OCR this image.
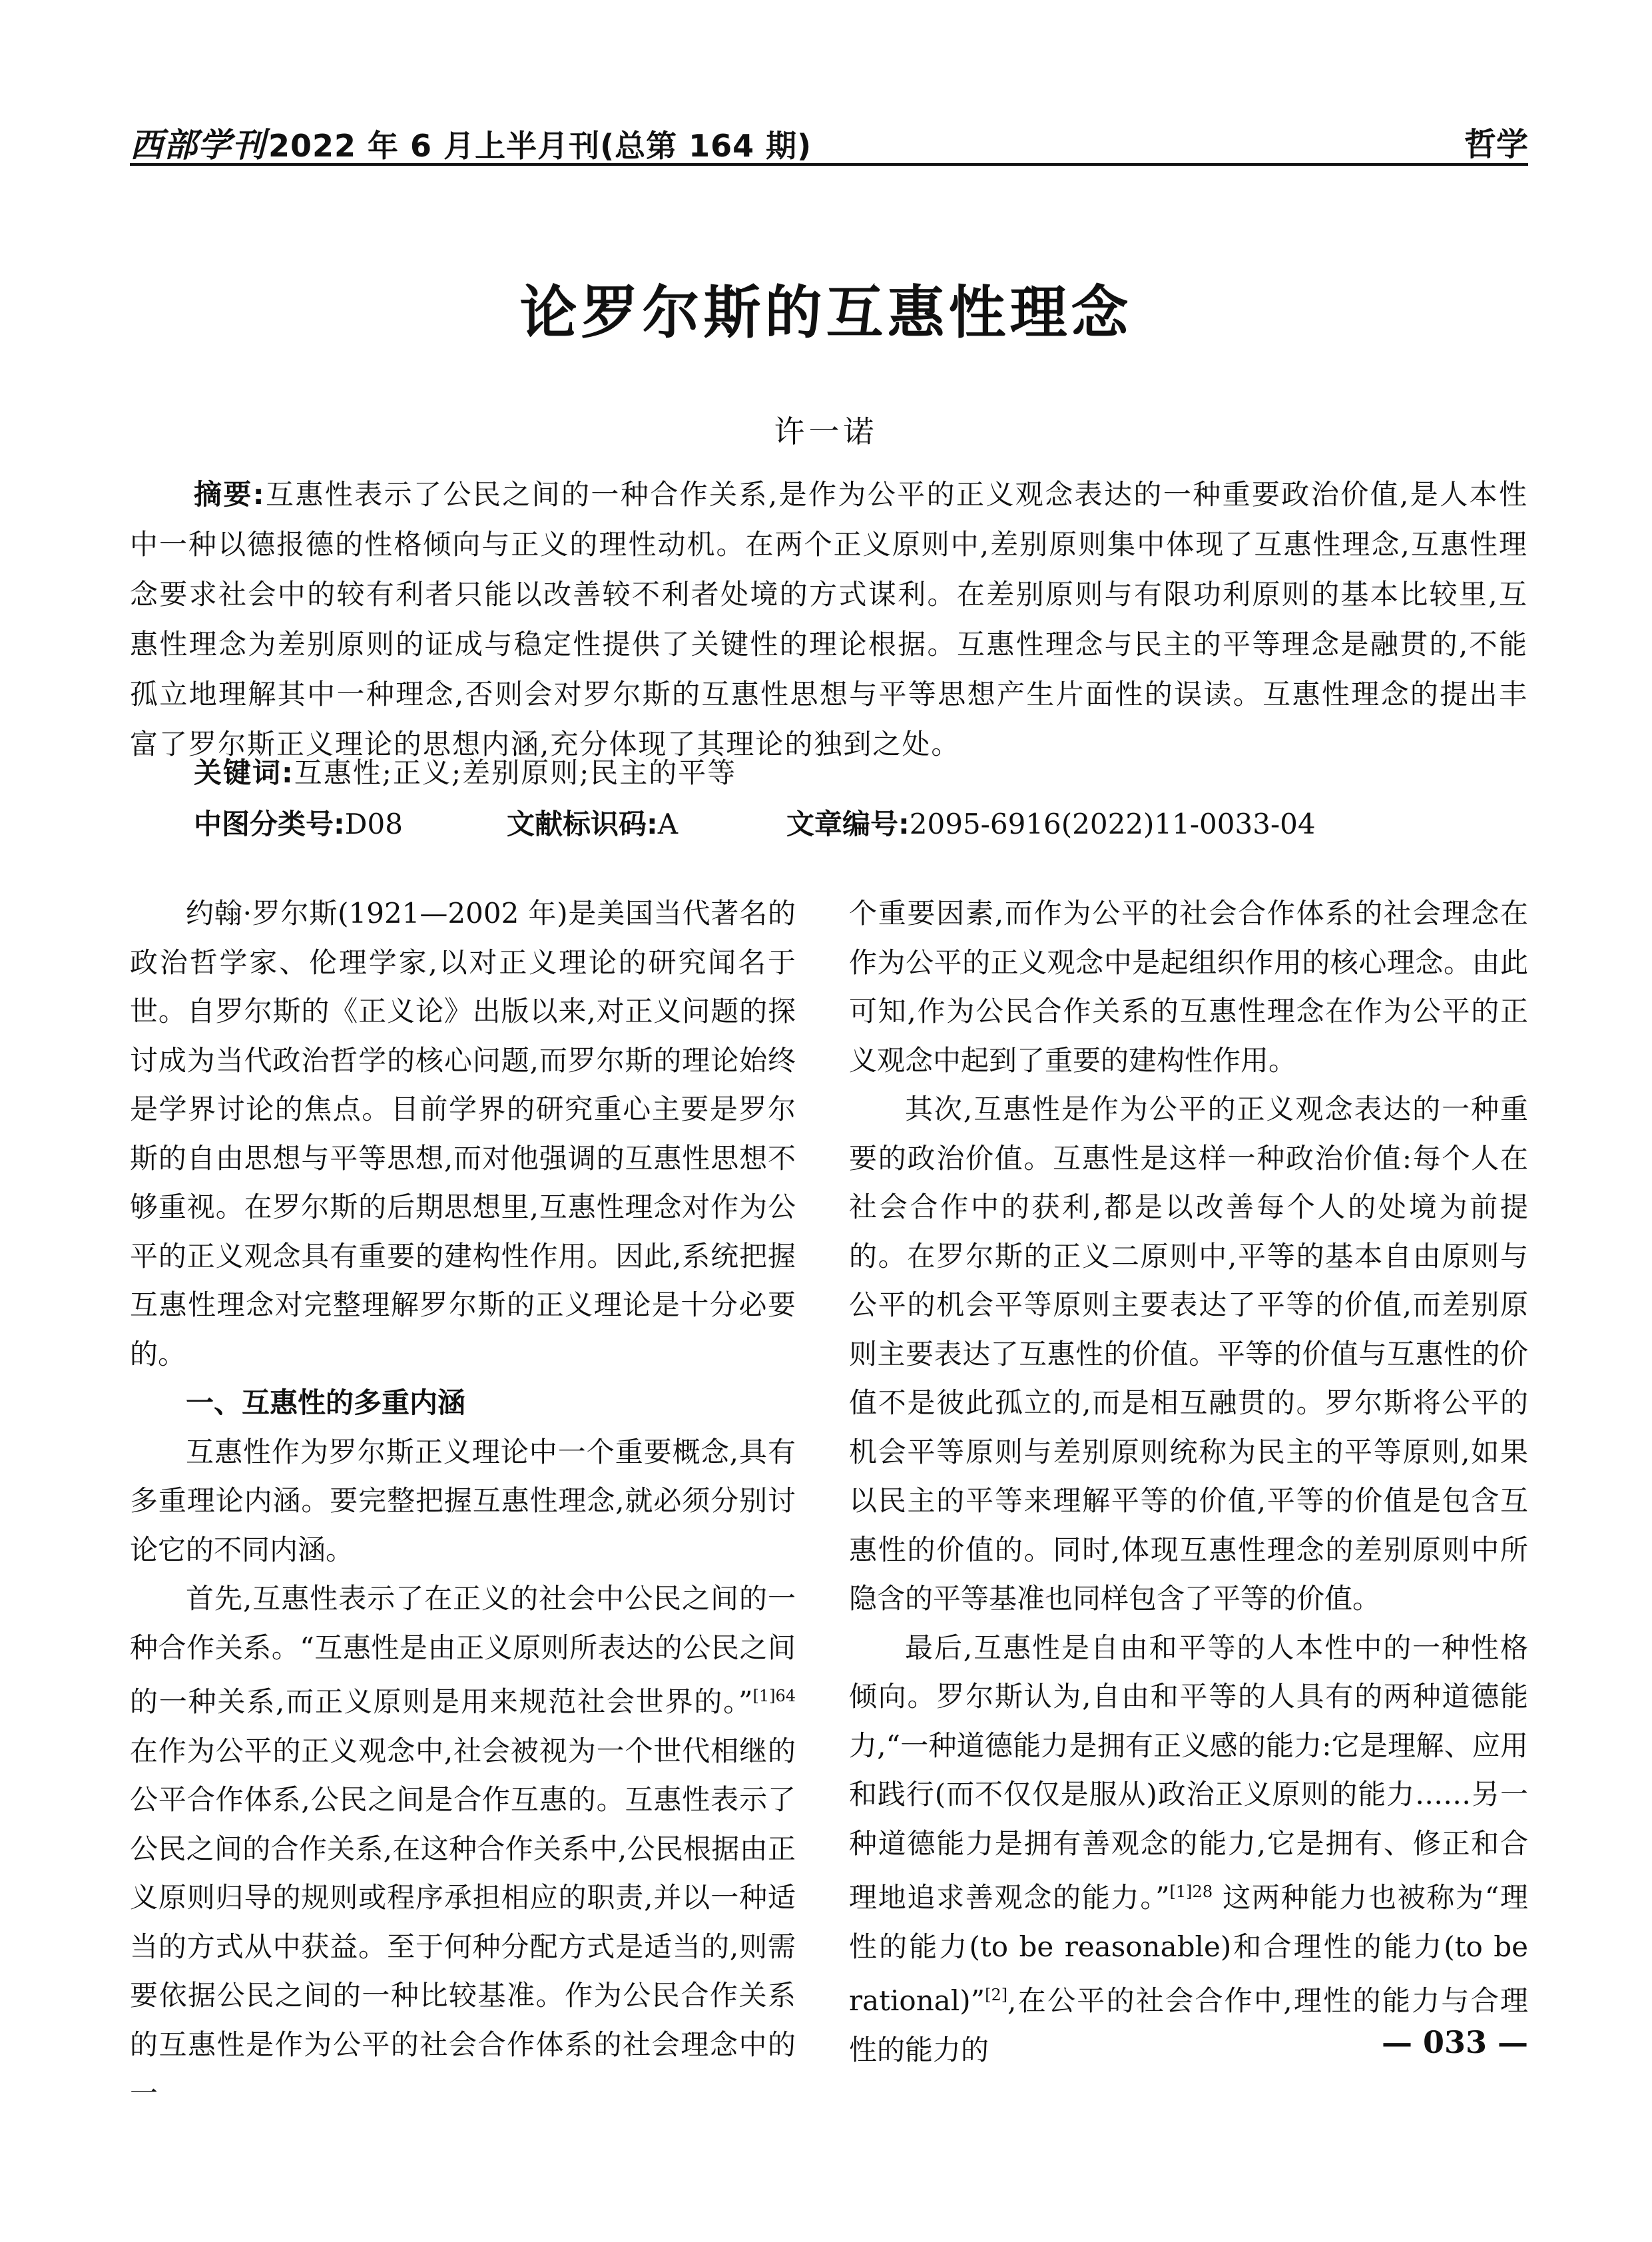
西部学刊2022 年 6 月上半月刊(总第 164 期)	哲学
论罗尔斯的互惠性理念
许一诺
摘要:互惠性表示了公民之间的一种合作关系,是作为公平的正义观念表达的一种重要政治价值,是人本性中一种以德报德的性格倾向与正义的理性动机。在两个正义原则中,差别原则集中体现了互惠性理念,互惠性理念要求社会中的较有利者只能以改善较不利者处境的方式谋利。在差别原则与有限功利原则的基本比较里,互惠性理念为差别原则的证成与稳定性提供了关键性的理论根据。互惠性理念与民主的平等理念是融贯的,不能孤立地理解其中一种理念,否则会对罗尔斯的互惠性思想与平等思想产生片面性的误读。互惠性理念的提出丰富了罗尔斯正义理论的思想内涵,充分体现了其理论的独到之处。
关键词:互惠性;正义;差别原则;民主的平等
中图分类号:D08	文献标识码:A	文章编号:2095-6916(2022)11-0033-04

约翰·罗尔斯(1921—2002 年)是美国当代著名的政治哲学家、伦理学家,以对正义理论的研究闻名于世。自罗尔斯的《正义论》出版以来,对正义问题的探讨成为当代政治哲学的核心问题,而罗尔斯的理论始终是学界讨论的焦点。目前学界的研究重心主要是罗尔斯的自由思想与平等思想,而对他强调的互惠性思想不够重视。在罗尔斯的后期思想里,互惠性理念对作为公平的正义观念具有重要的建构性作用。因此,系统把握互惠性理念对完整理解罗尔斯的正义理论是十分必要的。

一、互惠性的多重内涵

互惠性作为罗尔斯正义理论中一个重要概念,具有多重理论内涵。要完整把握互惠性理念,就必须分别讨论它的不同内涵。

首先,互惠性表示了在正义的社会中公民之间的一种合作关系。“互惠性是由正义原则所表达的公民之间的一种关系,而正义原则是用来规范社会世界的。”$^{[1]64}$ 在作为公平的正义观念中,社会被视为一个世代相继的公平合作体系,公民之间是合作互惠的。互惠性表示了公民之间的合作关系,在这种合作关系中,公民根据由正义原则归导的规则或程序承担相应的职责,并以一种适当的方式从中获益。至于何种分配方式是适当的,则需要依据公民之间的一种比较基准。作为公民合作关系的互惠性是作为公平的社会合作体系的社会理念中的一

个重要因素,而作为公平的社会合作体系的社会理念在作为公平的正义观念中是起组织作用的核心理念。由此可知,作为公民合作关系的互惠性理念在作为公平的正义观念中起到了重要的建构性作用。

其次,互惠性是作为公平的正义观念表达的一种重要的政治价值。互惠性是这样一种政治价值:每个人在社会合作中的获利,都是以改善每个人的处境为前提的。在罗尔斯的正义二原则中,平等的基本自由原则与公平的机会平等原则主要表达了平等的价值,而差别原则主要表达了互惠性的价值。平等的价值与互惠性的价值不是彼此孤立的,而是相互融贯的。罗尔斯将公平的机会平等原则与差别原则统称为民主的平等原则,如果以民主的平等来理解平等的价值,平等的价值是包含互惠性的价值的。同时,体现互惠性理念的差别原则中所隐含的平等基准也同样包含了平等的价值。

最后,互惠性是自由和平等的人本性中的一种性格倾向。罗尔斯认为,自由和平等的人具有的两种道德能力,“一种道德能力是拥有正义感的能力:它是理解、应用和践行(而不仅仅是服从)政治正义原则的能力……另一种道德能力是拥有善观念的能力,它是拥有、修正和合理地追求善观念的能力。”$^{[1]28}$ 这两种能力也被称为“理性的能力(to be reasonable)和合理性的能力(to be rational)”[2],在公平的社会合作中,理性的能力与合理性的能力的	— 033 —
